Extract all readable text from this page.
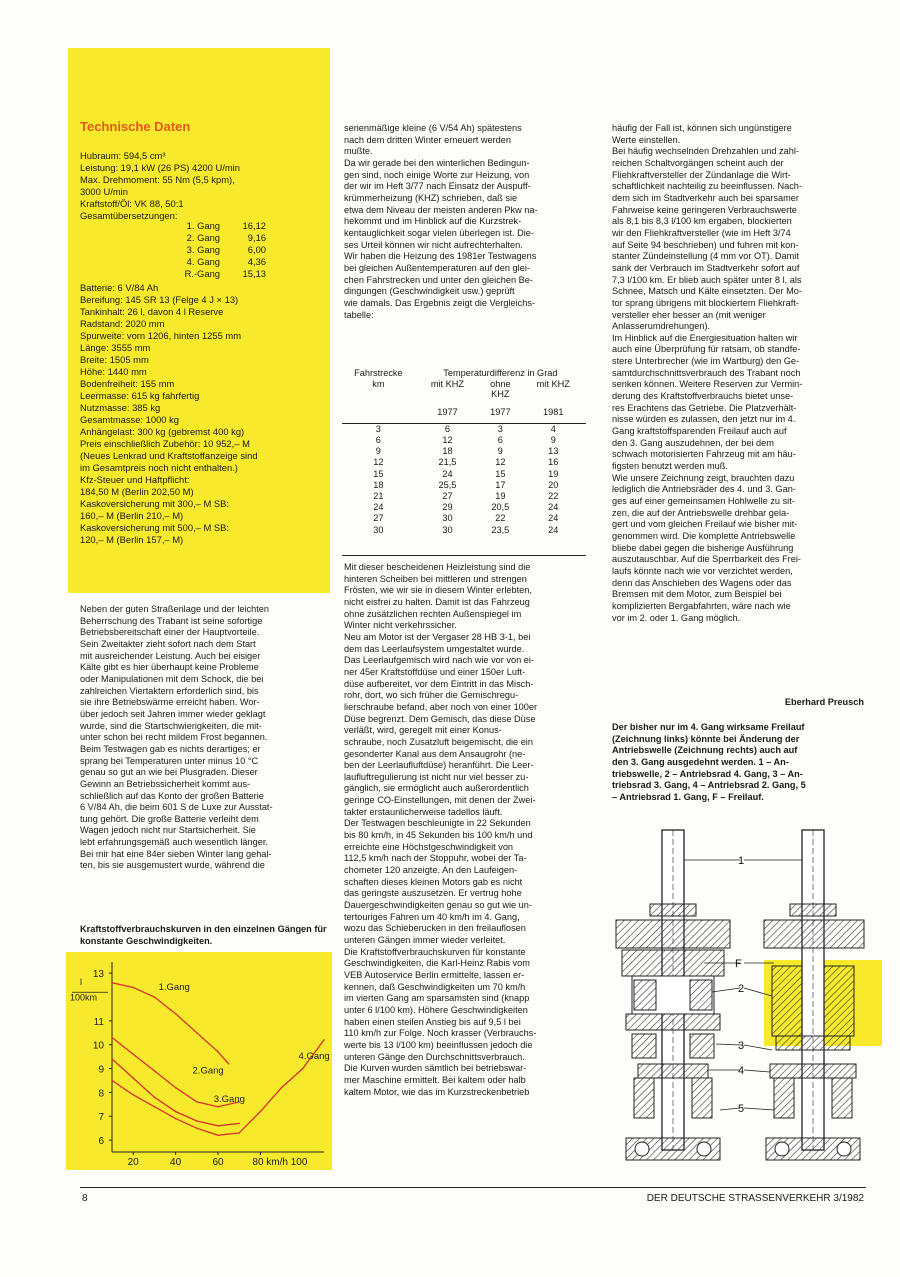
Technische Daten
Hubraum: 594,5 cm³
Leistung: 19,1 kW (26 PS) 4200 U/min
Max. Drehmoment: 55 Nm (5,5 kpm),
3000 U/min
Kraftstoff/Öl: VK 88, 50:1
Gesamtübersetzungen:
1. Gang	16,12
2. Gang	9,16
3. Gang	6,00
4. Gang	4,36
R.-Gang	15,13
Batterie: 6 V/84 Ah
Bereifung: 145 SR 13 (Felge 4 J × 13)
Tankinhalt: 26 l, davon 4 l Reserve
Radstand: 2020 mm
Spurweite: vorn 1206, hinten 1255 mm
Länge: 3555 mm
Breite: 1505 mm
Höhe: 1440 mm
Bodenfreiheit: 155 mm
Leermasse: 615 kg fahrfertig
Nutzmasse: 385 kg
Gesamtmasse: 1000 kg
Anhängelast: 300 kg (gebremst 400 kg)
Preis einschließlich Zubehör: 10 952,– M
(Neues Lenkrad und Kraftstoffanzeige sind
im Gesamtpreis noch nicht enthalten.)
Kfz-Steuer und Haftpflicht:
184,50 M (Berlin 202,50 M)
Kaskoversicherung mit 300,– M SB:
160,– M (Berlin 210,– M)
Kaskoversicherung mit 500,– M SB:
120,– M (Berlin 157,– M)
Neben der guten Straßenlage und der leichten
Beherrschung des Trabant ist seine sofortige
Betriebsbereitschaft einer der Hauptvorteile.
Sein Zweitakter zieht sofort nach dem Start
mit ausreichender Leistung. Auch bei eisiger
Kälte gibt es hier überhaupt keine Probleme
oder Manipulationen mit dem Schock, die bei
zahlreichen Viertaktern erforderlich sind, bis
sie ihre Betriebswärme erreicht haben. Wor-
über jedoch seit Jahren immer wieder geklagt
wurde, sind die Startschwierigkeiten, die mit-
unter schon bei recht mildem Frost begannen.
Beim Testwagen gab es nichts derartiges; er
sprang bei Temperaturen unter minus 10 °C
genau so gut an wie bei Plusgraden. Dieser
Gewinn an Betriebssicherheit kommt aus-
schließlich auf das Konto der großen Batterie
6 V/84 Ah, die beim 601 S de Luxe zur Ausstat-
tung gehört. Die große Batterie verleiht dem
Wagen jedoch nicht nur Startsicherheit. Sie
lebt erfahrungsgemäß auch wesentlich länger.
Bei mir hat eine 84er sieben Winter lang gehal-
ten, bis sie ausgemustert wurde, während die
Kraftstoffverbrauchskurven in den einzelnen Gängen für konstante Geschwindigkeiten.
13
11
10
9
8
7
6
l
100km
20	40	60	80 km/h 100
1.Gang
2.Gang
3.Gang
4.Gang
serienmäßige kleine (6 V/54 Ah) spätestens
nach dem dritten Winter erneuert werden
mußte.
Da wir gerade bei den winterlichen Bedingun-
gen sind, noch einige Worte zur Heizung, von
der wir im Heft 3/77 nach Einsatz der Auspuff-
krümmerheizung (KHZ) schrieben, daß sie
etwa dem Niveau der meisten anderen Pkw na-
hekommt und im Hinblick auf die Kurzstrek-
kentauglichkeit sogar vielen überlegen ist. Die-
ses Urteil können wir nicht aufrechterhalten.
Wir haben die Heizung des 1981er Testwagens
bei gleichen Außentemperaturen auf den glei-
chen Fahrstrecken und unter den gleichen Be-
dingungen (Geschwindigkeit usw.) geprüft
wie damals. Das Ergebnis zeigt die Vergleichs-
tabelle:
Fahrstrecke	Temperaturdifferenz in Grad		
km	mit KHZ	ohne	mit KHZ
		KHZ	
	1977	1977	1981

3	6	3	4
6	12	6	9
9	18	9	13
12	21,5	12	16
15	24	15	19
18	25,5	17	20
21	27	19	22
24	29	20,5	24
27	30	22	24
30	30	23,5	24
Mit dieser bescheidenen Heizleistung sind die
hinteren Scheiben bei mittleren und strengen
Frösten, wie wir sie in diesem Winter erlebten,
nicht eisfrei zu halten. Damit ist das Fahrzeug
ohne zusätzlichen rechten Außenspiegel im
Winter nicht verkehrssicher.
Neu am Motor ist der Vergaser 28 HB 3-1, bei
dem das Leerlaufsystem umgestaltet wurde.
Das Leerlaufgemisch wird nach wie vor von ei-
ner 45er Kraftstoffdüse und einer 150er Luft-
düse aufbereitet, vor dem Eintritt in das Misch-
rohr, dort, wo sich früher die Gemischregu-
lierschraube befand, aber noch von einer 100er
Düse begrenzt. Dem Gemisch, das diese Düse
verläßt, wird, geregelt mit einer Konus-
schraube, noch Zusatzluft beigemischt, die ein
gesonderter Kanal aus dem Ansaugrohr (ne-
ben der Leerlaufluftdüse) heranführt. Die Leer-
laufluftregulierung ist nicht nur viel besser zu-
gänglich, sie ermöglicht auch außerordentlich
geringe CO-Einstellungen, mit denen der Zwei-
takter erstaunlicherweise tadellos läuft.
Der Testwagen beschleunigte in 22 Sekunden
bis 80 km/h, in 45 Sekunden bis 100 km/h und
erreichte eine Höchstgeschwindigkeit von
112,5 km/h nach der Stoppuhr, wobei der Ta-
chometer 120 anzeigte. An den Laufeigen-
schaften dieses kleinen Motors gab es nicht
das geringste auszusetzen. Er vertrug hohe
Dauergeschwindigkeiten genau so gut wie un-
tertouriges Fahren um 40 km/h im 4. Gang,
wozu das Schieberucken in den freilauflosen
unteren Gängen immer wieder verleitet.
Die Kraftstoffverbrauchskurven für konstante
Geschwindigkeiten, die Karl-Heinz Rabis vom
VEB Autoservice Berlin ermittelte, lassen er-
kennen, daß Geschwindigkeiten um 70 km/h
im vierten Gang am sparsamsten sind (knapp
unter 6 l/100 km). Höhere Geschwindigkeiten
haben einen steilen Anstieg bis auf 9,5 l bei
110 km/h zur Folge. Noch krasser (Verbrauchs-
werte bis 13 l/100 km) beeinflussen jedoch die
unteren Gänge den Durchschnittsverbrauch.
Die Kurven wurden sämtlich bei betriebswar-
mer Maschine ermittelt. Bei kaltem oder halb
kaltem Motor, wie das im Kurzstreckenbetrieb
häufig der Fall ist, können sich ungünstigere
Werte einstellen.
Bei häufig wechselnden Drehzahlen und zahl-
reichen Schaltvorgängen scheint auch der
Fliehkraftversteller der Zündanlage die Wirt-
schaftlichkeit nachteilig zu beeinflussen. Nach-
dem sich im Stadtverkehr auch bei sparsamer
Fahrweise keine geringeren Verbrauchswerte
als 8,1 bis 8,3 l/100 km ergaben, blockierten
wir den Fliehkraftversteller (wie im Heft 3/74
auf Seite 94 beschrieben) und fuhren mit kon-
stanter Zündeinstellung (4 mm vor OT). Damit
sank der Verbrauch im Stadtverkehr sofort auf
7,3 l/100 km. Er blieb auch später unter 8 l, als
Schnee, Matsch und Kälte einsetzten. Der Mo-
tor sprang übrigens mit blockiertem Fliehkraft-
versteller eher besser an (mit weniger
Anlasserumdrehungen).
Im Hinblick auf die Energiesituation halten wir
auch eine Überprüfung für ratsam, ob standfe-
stere Unterbrecher (wie im Wartburg) den Ge-
samtdurchschnittsverbrauch des Trabant noch
senken können. Weitere Reserven zur Vermin-
derung des Kraftstoffverbrauchs bietet unse-
res Erachtens das Getriebe. Die Platzverhält-
nisse würden es zulassen, den jetzt nur im 4.
Gang kraftstoffsparenden Freilauf auch auf
den 3. Gang auszudehnen, der bei dem
schwach motorisierten Fahrzeug mit am häu-
figsten benutzt werden muß.
Wie unsere Zeichnung zeigt, brauchten dazu
lediglich die Antriebsräder des 4. und 3. Gan-
ges auf einer gemeinsamen Hohlwelle zu sit-
zen, die auf der Antriebswelle drehbar gela-
gert und vom gleichen Freilauf wie bisher mit-
genommen wird. Die komplette Antriebswelle
bliebe dabei gegen die bisherige Ausführung
auszutauschbar. Auf die Sperrbarkeit des Frei-
laufs könnte nach wie vor verzichtet werden,
denn das Anschieben des Wagens oder das
Bremsen mit dem Motor, zum Beispiel bei
komplizierten Bergabfahrten, wäre nach wie
vor im 2. oder 1. Gang möglich.
Eberhard Preusch
Der bisher nur im 4. Gang wirksame Freilauf
(Zeichnung links) könnte bei Änderung der
Antriebswelle (Zeichnung rechts) auch auf
den 3. Gang ausgedehnt werden. 1 – An-
triebswelle, 2 – Antriebsrad 4. Gang, 3 – An-
triebsrad 3. Gang, 4 – Antriebsrad 2. Gang, 5
– Antriebsrad 1. Gang, F – Freilauf.
1
F
2
3
4
5
8	DER DEUTSCHE STRASSENVERKEHR 3/1982
